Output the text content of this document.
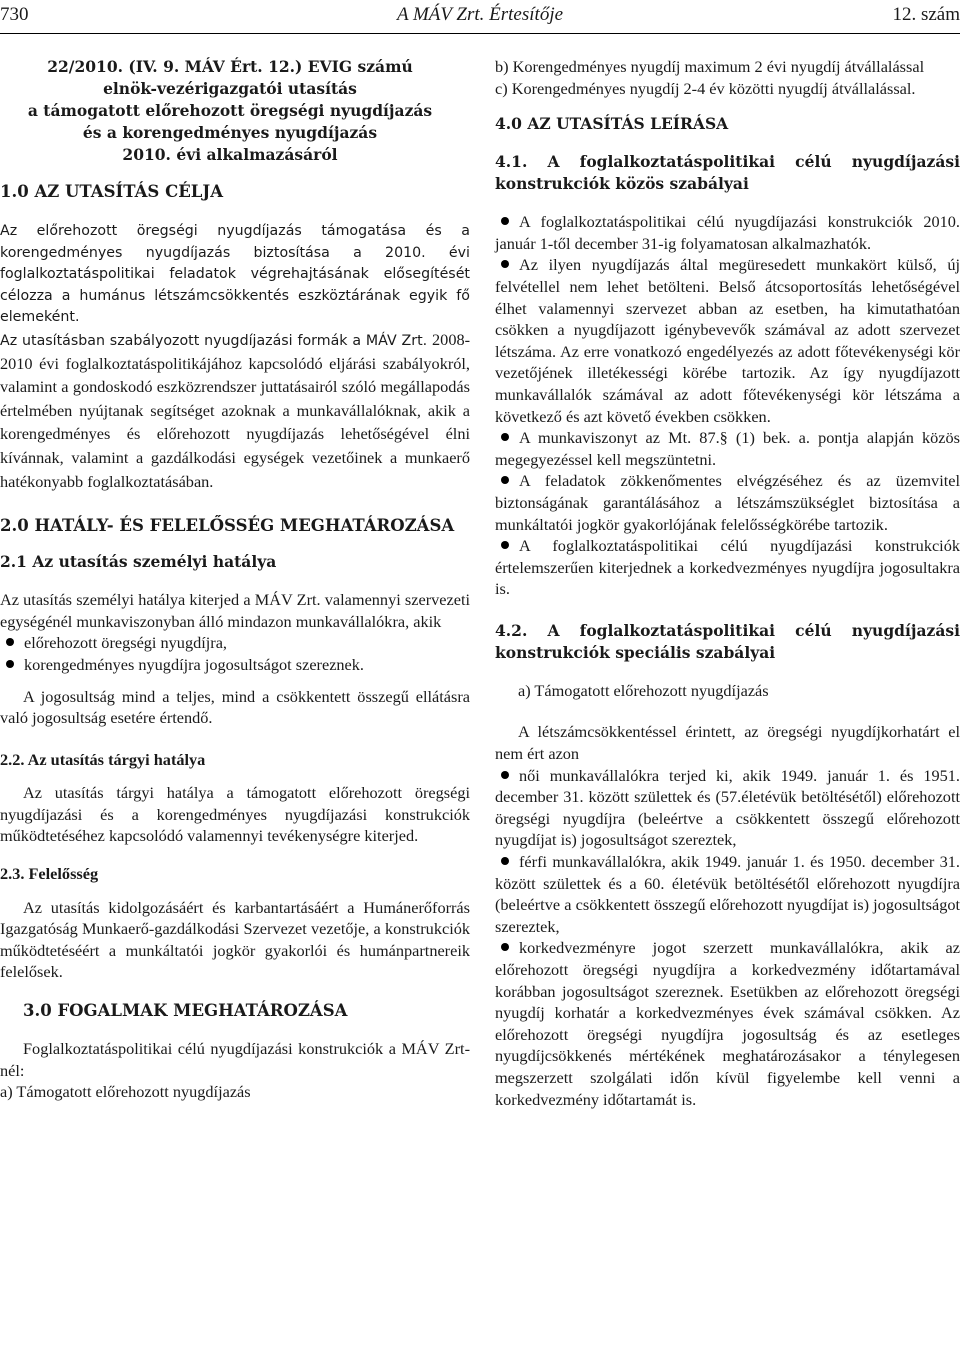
730	A MÁV Zrt. Értesítője	12. szám
22/2010. (IV. 9. MÁV Ért. 12.) EVIG számú
elnök-vezérigazgatói utasítás
a támogatott előrehozott öregségi nyugdíjazás
és a korengedményes nyugdíjazás
2010. évi alkalmazásáról

1.0 AZ UTASÍTÁS CÉLJA

Az előrehozott öregségi nyugdíjazás támogatása és a korengedményes nyugdíjazás biztosítása a 2010. évi foglalkoztatáspolitikai feladatok végrehajtásának elősegítését célozza a humánus létszámcsökkentés eszköztárának egyik fő elemeként.

Az utasításban szabályozott nyugdíjazási formák a MÁV Zrt. 2008-2010 évi foglalkoztatáspolitikájához kapcsolódó eljárási szabályokról, valamint a gondoskodó eszközrendszer juttatásairól szóló megállapodás értelmében nyújtanak segítséget azoknak a munkavállalóknak, akik a korengedményes és előrehozott nyugdíjazás lehetőségével élni kívánnak, valamint a gazdálkodási egységek vezetőinek a munkaerő hatékonyabb foglalkoztatásában.

2.0 HATÁLY- ÉS FELELŐSSÉG MEGHATÁROZÁSA

2.1 Az utasítás személyi hatálya

Az utasítás személyi hatálya kiterjed a MÁV Zrt. valamennyi szervezeti egységénél munkaviszonyban álló mindazon munkavállalókra, akik

előrehozott öregségi nyugdíjra,
korengedményes nyugdíjra jogosultságot szereznek.

A jogosultság mind a teljes, mind a csökkentett összegű ellátásra való jogosultság esetére értendő.

2.2. Az utasítás tárgyi hatálya

Az utasítás tárgyi hatálya a támogatott előrehozott öregségi nyugdíjazási és a korengedményes nyugdíjazási konstrukciók működtetéséhez kapcsolódó valamennyi tevékenységre kiterjed.

2.3. Felelősség

Az utasítás kidolgozásáért és karbantartásáért a Humánerőforrás Igazgatóság Munkaerő-gazdálkodási Szervezet vezetője, a konstrukciók működtetéséért a munkáltatói jogkör gyakorlói és humánpartnereik felelősek.

3.0 FOGALMAK MEGHATÁROZÁSA

Foglalkoztatáspolitikai célú nyugdíjazási konstrukciók a MÁV Zrt-nél:

a) Támogatott előrehozott nyugdíjazás

b) Korengedményes nyugdíj maximum 2 évi nyugdíj átvállalással

c) Korengedményes nyugdíj 2-4 év közötti nyugdíj átvállalással.

4.0 AZ UTASÍTÁS LEÍRÁSA

4.1. A foglalkoztatáspolitikai célú nyugdíjazási konstrukciók közös szabályai

A foglalkoztatáspolitikai célú nyugdíjazási konstrukciók 2010. január 1-től december 31-ig folyamatosan alkalmazhatók.
Az ilyen nyugdíjazás által megüresedett munkakört külső, új felvétellel nem lehet betölteni. Belső átcsoportosítás lehetőségével élhet valamennyi szervezet abban az esetben, ha kimutathatóan csökken a nyugdíjazott igénybevevők számával az adott szervezet létszáma. Az erre vonatkozó engedélyezés az adott főtevékenységi kör vezetőjének illetékességi körébe tartozik. Az így nyugdíjazott munkavállalók számával az adott főtevékenységi kör létszáma a következő és azt követő években csökken.
A munkaviszonyt az Mt. 87.§ (1) bek. a. pontja alapján közös megegyezéssel kell megszüntetni.
A feladatok zökkenőmentes elvégzéséhez és az üzemvitel biztonságának garantálásához a létszámszükséglet biztosítása a munkáltatói jogkör gyakorlójának felelősségkörébe tartozik.
A foglalkoztatáspolitikai célú nyugdíjazási konstrukciók értelemszerűen kiterjednek a korkedvezményes nyugdíjra jogosultakra is.

4.2. A foglalkoztatáspolitikai célú nyugdíjazási konstrukciók speciális szabályai

a) Támogatott előrehozott nyugdíjazás

A létszámcsökkentéssel érintett, az öregségi nyugdíjkorhatárt el nem ért azon

női munkavállalókra terjed ki, akik 1949. január 1. és 1951. december 31. között születtek és (57.életévük betöltésétől) előrehozott öregségi nyugdíjra (beleértve a csökkentett összegű előrehozott nyugdíjat is) jogosultságot szereztek,
férfi munkavállalókra, akik 1949. január 1. és 1950. december 31. között születtek és a 60. életévük betöltésétől előrehozott nyugdíjra (beleértve a csökkentett összegű előrehozott nyugdíjat is) jogosultságot szereztek,
korkedvezményre jogot szerzett munkavállalókra, akik az előrehozott öregségi nyugdíjra a korkedvezmény időtartamával korábban jogosultságot szereznek. Esetükben az előrehozott öregségi nyugdíj korhatár a korkedvezményes évek számával csökken. Az előrehozott öregségi nyugdíjra jogosultság és az esetleges nyugdíjcsökkenés mértékének meghatározásakor a ténylegesen megszerzett szolgálati időn kívül figyelembe kell venni a korkedvezmény időtartamát is.
